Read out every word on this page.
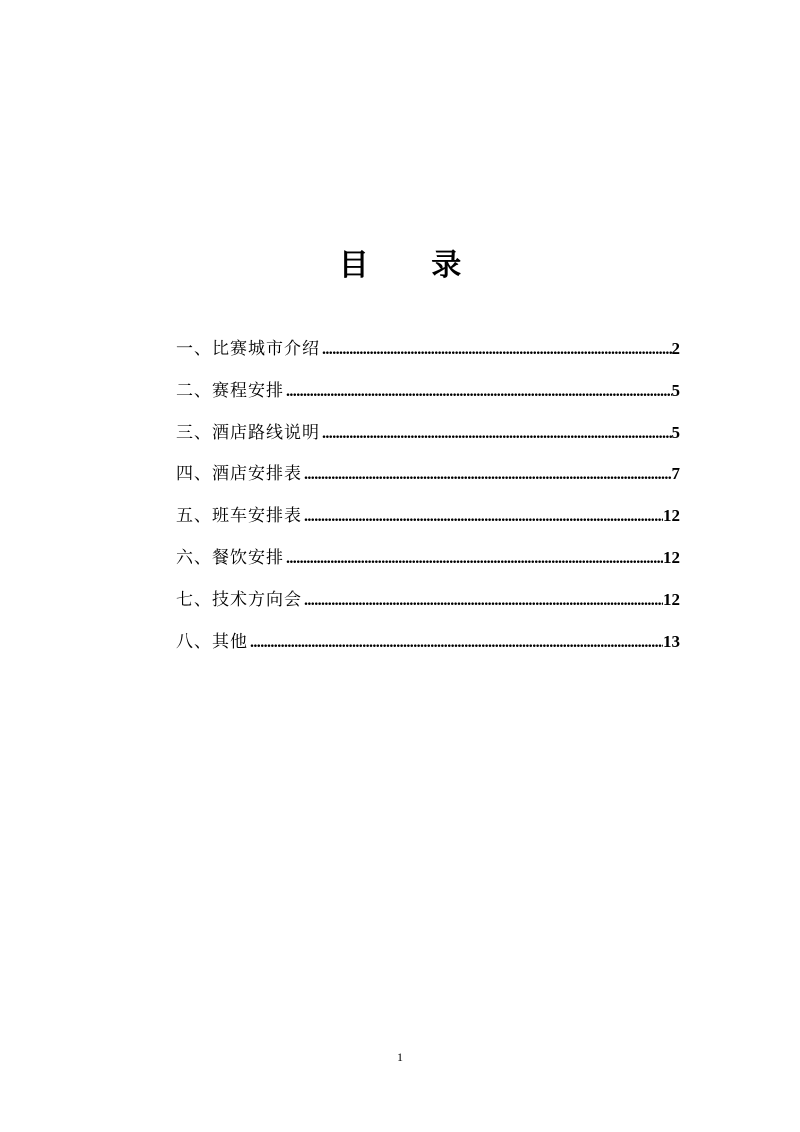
目 录
一、比赛城市介绍 .....	2
二、赛程安排 .....	5
三、酒店路线说明 .....	5
四、酒店安排表 .....	7
五、班车安排表 .....	12
六、餐饮安排 .....	12
七、技术方向会 .....	12
八、其他 .....	13
1
